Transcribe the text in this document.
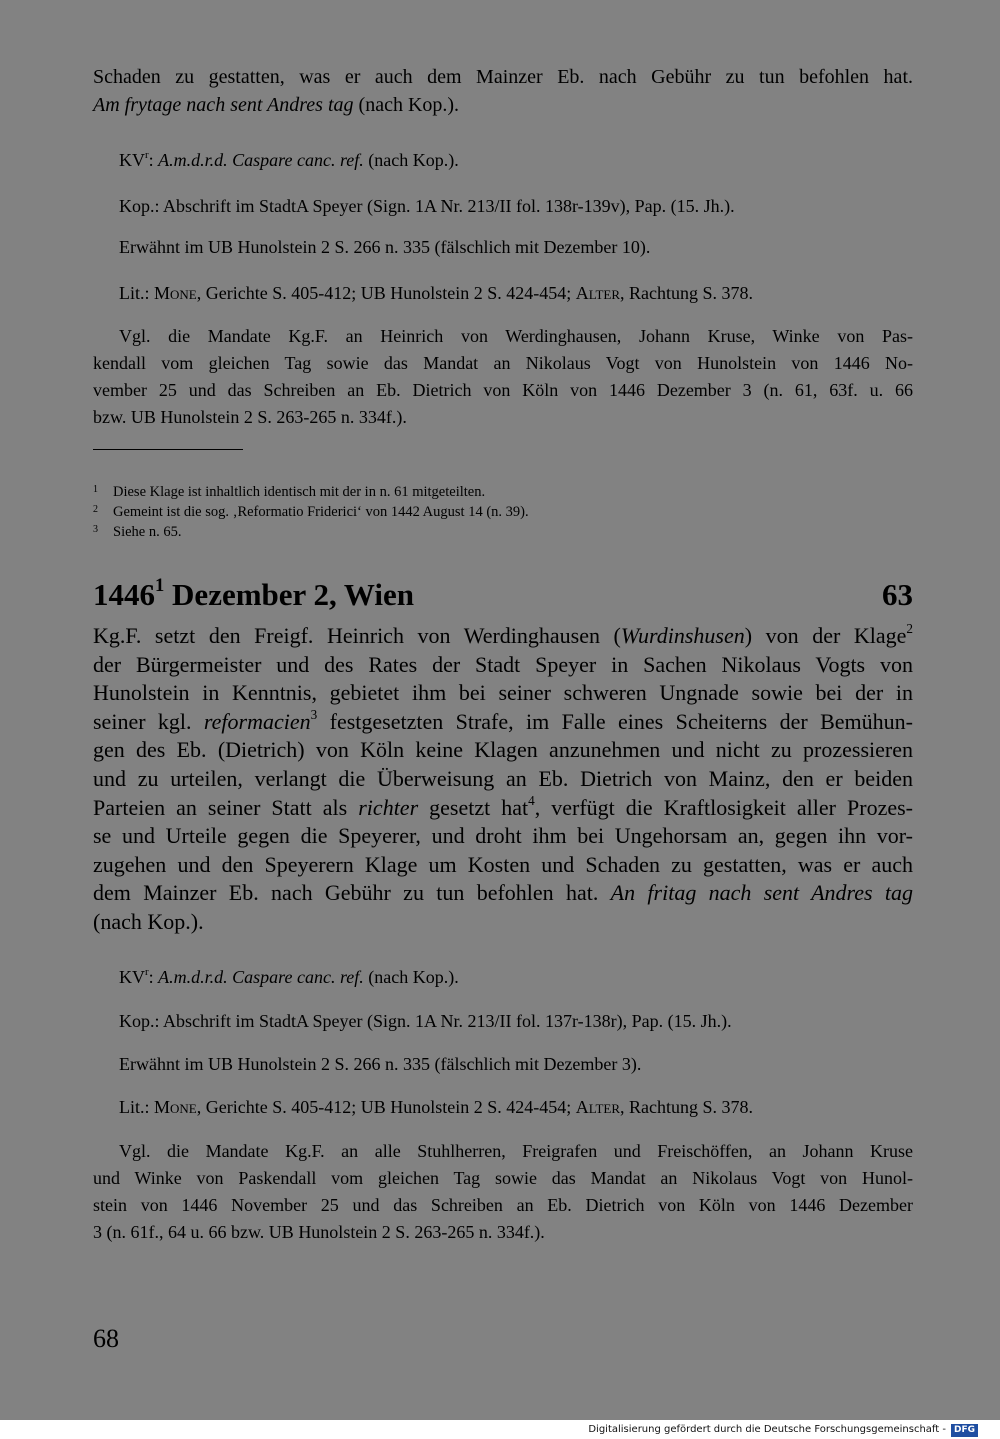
Schaden zu gestatten, was er auch dem Mainzer Eb. nach Gebühr zu tun befohlen hat.
Am frytage nach sent Andres tag (nach Kop.).
$KV^r$: A.m.d.r.d. Caspare canc. ref. (nach Kop.).
Kop.: Abschrift im StadtA Speyer (Sign. 1A Nr. 213/II fol. 138r-139v), Pap. (15. Jh.).
Erwähnt im UB Hunolstein 2 S. 266 n. 335 (fälschlich mit Dezember 10).
Lit.: Mone, Gerichte S. 405-412; UB Hunolstein 2 S. 424-454; Alter, Rachtung S. 378.
Vgl. die Mandate Kg.F. an Heinrich von Werdinghausen, Johann Kruse, Winke von Pas-
kendall vom gleichen Tag sowie das Mandat an Nikolaus Vogt von Hunolstein von 1446 No-
vember 25 und das Schreiben an Eb. Dietrich von Köln von 1446 Dezember 3 (n. 61, 63f. u. 66
bzw. UB Hunolstein 2 S. 263-265 n. 334f.).
1 Diese Klage ist inhaltlich identisch mit der in n. 61 mitgeteilten.
2 Gemeint ist die sog. ‚Reformatio Friderici‘ von 1442 August 14 (n. 39).
3 Siehe n. 65.
1446$^1$ Dezember 2, Wien	63
Kg.F. setzt den Freigf. Heinrich von Werdinghausen (Wurdinshusen) von der Klage$^2$
der Bürgermeister und des Rates der Stadt Speyer in Sachen Nikolaus Vogts von
Hunolstein in Kenntnis, gebietet ihm bei seiner schweren Ungnade sowie bei der in
seiner kgl. reformacien$^3$ festgesetzten Strafe, im Falle eines Scheiterns der Bemühun-
gen des Eb. (Dietrich) von Köln keine Klagen anzunehmen und nicht zu prozessieren
und zu urteilen, verlangt die Überweisung an Eb. Dietrich von Mainz, den er beiden
Parteien an seiner Statt als richter gesetzt hat$^4$, verfügt die Kraftlosigkeit aller Prozes-
se und Urteile gegen die Speyerer, und droht ihm bei Ungehorsam an, gegen ihn vor-
zugehen und den Speyerern Klage um Kosten und Schaden zu gestatten, was er auch
dem Mainzer Eb. nach Gebühr zu tun befohlen hat. An fritag nach sent Andres tag
(nach Kop.).
$KV^r$: A.m.d.r.d. Caspare canc. ref. (nach Kop.).
Kop.: Abschrift im StadtA Speyer (Sign. 1A Nr. 213/II fol. 137r-138r), Pap. (15. Jh.).
Erwähnt im UB Hunolstein 2 S. 266 n. 335 (fälschlich mit Dezember 3).
Lit.: Mone, Gerichte S. 405-412; UB Hunolstein 2 S. 424-454; Alter, Rachtung S. 378.
Vgl. die Mandate Kg.F. an alle Stuhlherren, Freigrafen und Freischöffen, an Johann Kruse
und Winke von Paskendall vom gleichen Tag sowie das Mandat an Nikolaus Vogt von Hunol-
stein von 1446 November 25 und das Schreiben an Eb. Dietrich von Köln von 1446 Dezember
3 (n. 61f., 64 u. 66 bzw. UB Hunolstein 2 S. 263-265 n. 334f.).
68
Digitalisierung gefördert durch die Deutsche Forschungsgemeinschaft - DFG
